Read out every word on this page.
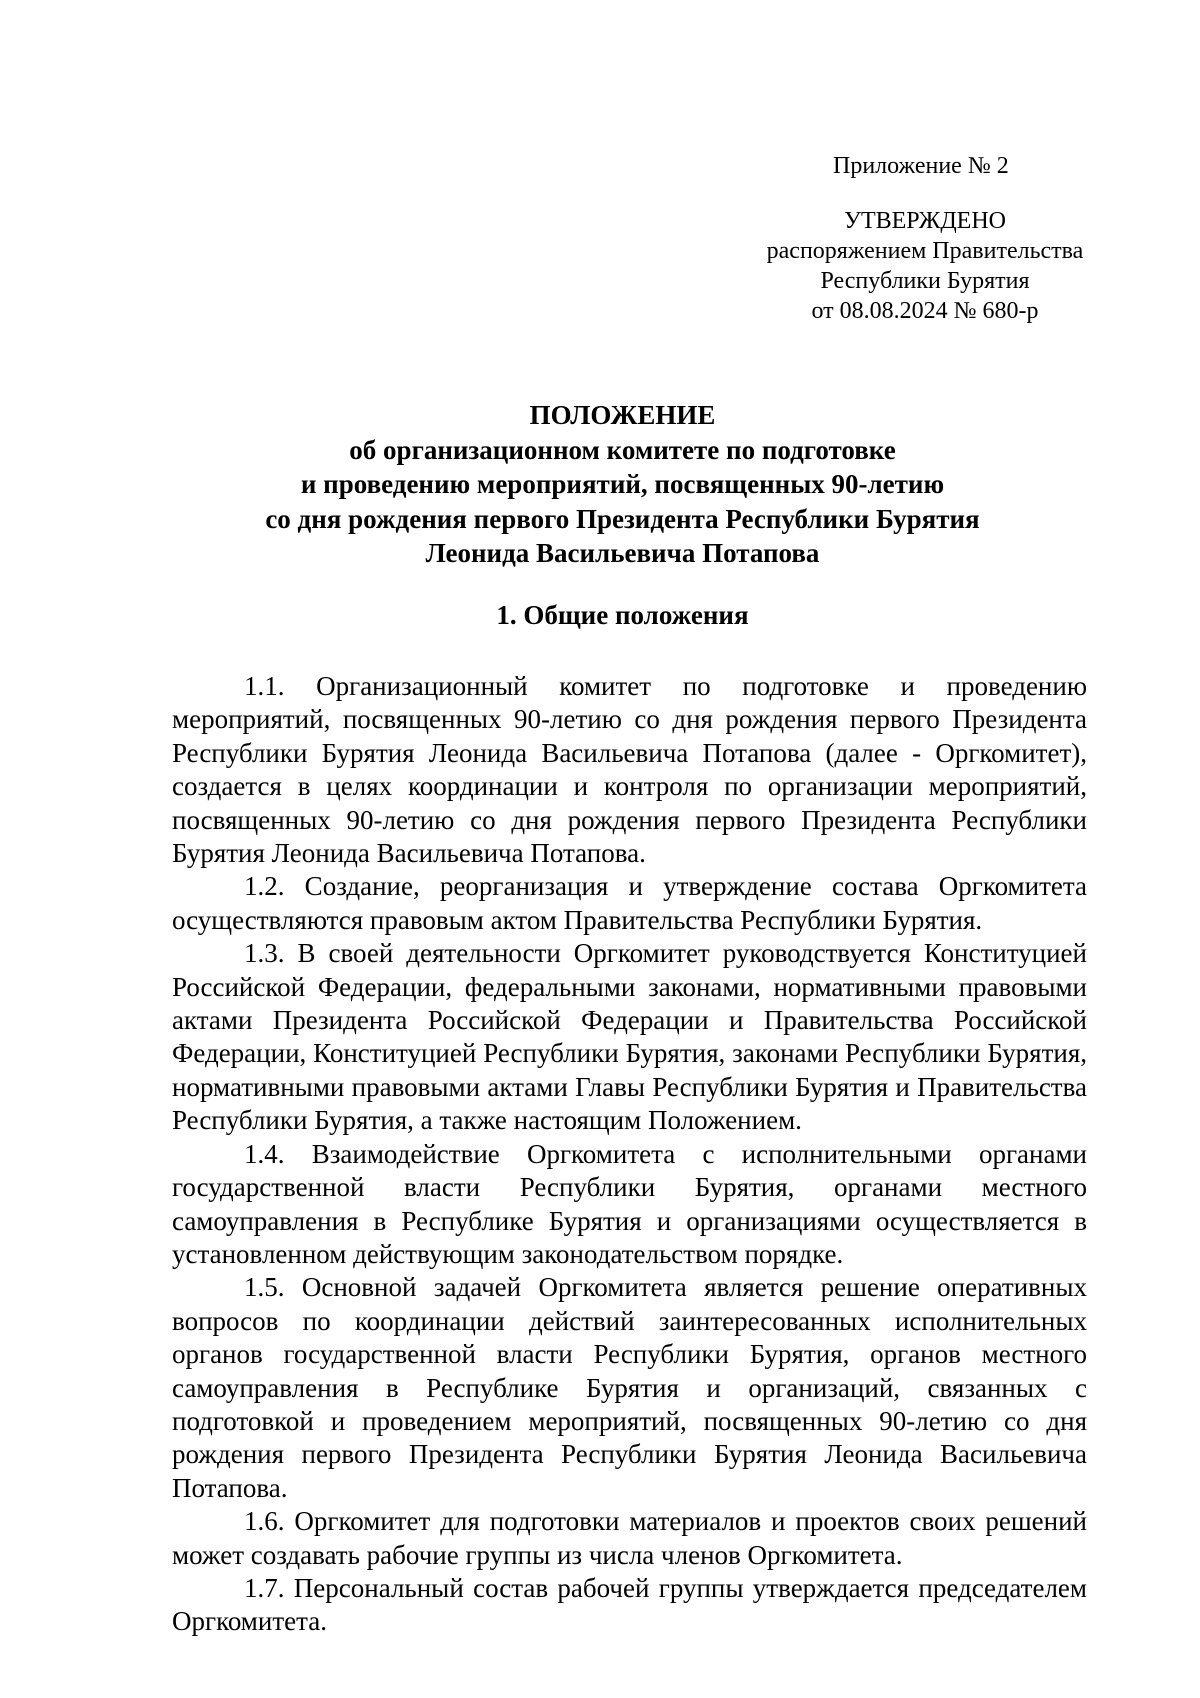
Приложение № 2
УТВЕРЖДЕНО
распоряжением Правительства
Республики Бурятия
от 08.08.2024 № 680-р
ПОЛОЖЕНИЕ
об организационном комитете по подготовке
и проведению мероприятий, посвященных 90-летию
со дня рождения первого Президента Республики Бурятия
Леонида Васильевича Потапова
1. Общие положения

1.1. Организационный комитет по подготовке и проведению мероприятий, посвященных 90-летию со дня рождения первого Президента Республики Бурятия Леонида Васильевича Потапова (далее - Оргкомитет), создается в целях координации и контроля по организации мероприятий, посвященных 90-летию со дня рождения первого Президента Республики Бурятия Леонида Васильевича Потапова.

1.2. Создание, реорганизация и утверждение состава Оргкомитета осуществляются правовым актом Правительства Республики Бурятия.

1.3. В своей деятельности Оргкомитет руководствуется Конституцией Российской Федерации, федеральными законами, нормативными правовыми актами Президента Российской Федерации и Правительства Российской Федерации, Конституцией Республики Бурятия, законами Республики Бурятия, нормативными правовыми актами Главы Республики Бурятия и Правительства Республики Бурятия, а также настоящим Положением.

1.4. Взаимодействие Оргкомитета с исполнительными органами государственной власти Республики Бурятия, органами местного самоуправления в Республике Бурятия и организациями осуществляется в установленном действующим законодательством порядке.

1.5. Основной задачей Оргкомитета является решение оперативных вопросов по координации действий заинтересованных исполнительных органов государственной власти Республики Бурятия, органов местного самоуправления в Республике Бурятия и организаций, связанных с подготовкой и проведением мероприятий, посвященных 90-летию со дня рождения первого Президента Республики Бурятия Леонида Васильевича Потапова.

1.6. Оргкомитет для подготовки материалов и проектов своих решений может создавать рабочие группы из числа членов Оргкомитета.

1.7. Персональный состав рабочей группы утверждается председателем Оргкомитета.
